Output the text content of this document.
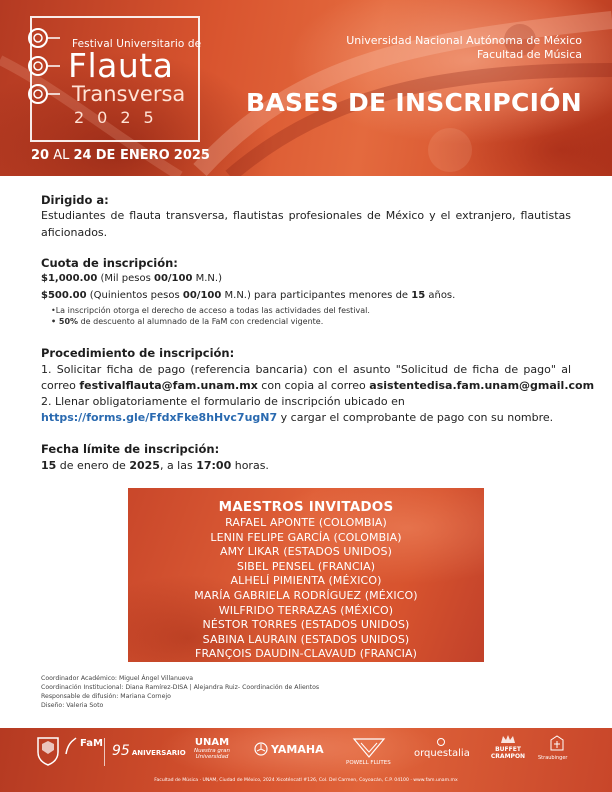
Festival Universitario de
Flauta
Transversa
2025
20 AL 24 DE ENERO 2025
Universidad Nacional Autónoma de México
Facultad de Música
BASES DE INSCRIPCIÓN
Dirigido a:
Estudiantes de flauta transversa, flautistas profesionales de México y el extranjero, flautistas
aficionados.
Cuota de inscripción:
$1,000.00 (Mil pesos 00/100 M.N.)
$500.00 (Quinientos pesos 00/100 M.N.) para participantes menores de 15 años.
•La inscripción otorga el derecho de acceso a todas las actividades del festival.
• 50% de descuento al alumnado de la FaM con credencial vigente.
Procedimiento de inscripción:
1. Solicitar ficha de pago (referencia bancaria) con el asunto "Solicitud de ficha de pago" al
correo festivalflauta@fam.unam.mx con copia al correo asistentedisa.fam.unam@gmail.com
2. Llenar obligatoriamente el formulario de inscripción ubicado en
https://forms.gle/FfdxFke8hHvc7ugN7 y cargar el comprobante de pago con su nombre.
Fecha límite de inscripción:
15 de enero de 2025, a las 17:00 horas.
MAESTROS INVITADOS
RAFAEL APONTE (COLOMBIA)
LENIN FELIPE GARCÍA (COLOMBIA)
AMY LIKAR (ESTADOS UNIDOS)
SIBEL PENSEL (FRANCIA)
ALHELÍ PIMIENTA (MÉXICO)
MARÍA GABRIELA RODRÍGUEZ (MÉXICO)
WILFRIDO TERRAZAS (MÉXICO)
NÉSTOR TORRES (ESTADOS UNIDOS)
SABINA LAURAIN (ESTADOS UNIDOS)
FRANÇOIS DAUDIN-CLAVAUD (FRANCIA)
Coordinador Académico: Miguel Ángel Villanueva
Coordinación Institucional: Diana Ramírez-DISA | Alejandra Ruiz- Coordinación de Alientos
Responsable de difusión: Mariana Cornejo
Diseño: Valeria Soto
FaM 95 ANIVERSARIO
UNAM
Nuestra gran
Universidad
YAMAHA
POWELL FLUTES
orquestalia	BUFFET CRAMPON	Straubinger
Facultad de Música · UNAM, Ciudad de México, 2024 Xicoténcatl #126, Col. Del Carmen, Coyoacán, C.P. 04100 · www.fam.unam.mx
